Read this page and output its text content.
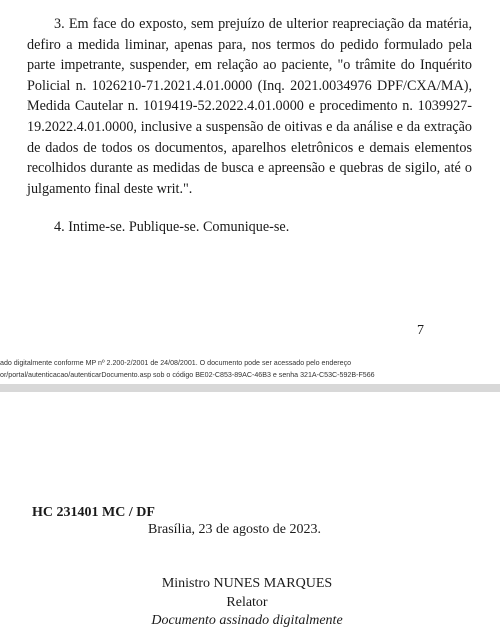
3. Em face do exposto, sem prejuízo de ulterior reapreciação da matéria, defiro a medida liminar, apenas para, nos termos do pedido formulado pela parte impetrante, suspender, em relação ao paciente, "o trâmite do Inquérito Policial n. 1026210-71.2021.4.01.0000 (Inq. 2021.0034976 DPF/CXA/MA), Medida Cautelar n. 1019419-52.2022.4.01.0000 e procedimento n. 1039927-19.2022.4.01.0000, inclusive a suspensão de oitivas e da análise e da extração de dados de todos os documentos, aparelhos eletrônicos e demais elementos recolhidos durante as medidas de busca e apreensão e quebras de sigilo, até o julgamento final deste writ.".

4. Intime-se. Publique-se. Comunique-se.

7
ado digitalmente conforme MP nº 2.200-2/2001 de 24/08/2001. O documento pode ser acessado pelo endereço
or/portal/autenticacao/autenticarDocumento.asp sob o código BE02-C853-89AC-46B3 e senha 321A-C53C-592B-F566
HC 231401 MC / DF
Brasília, 23 de agosto de 2023.
Ministro NUNES MARQUES
Relator
Documento assinado digitalmente
